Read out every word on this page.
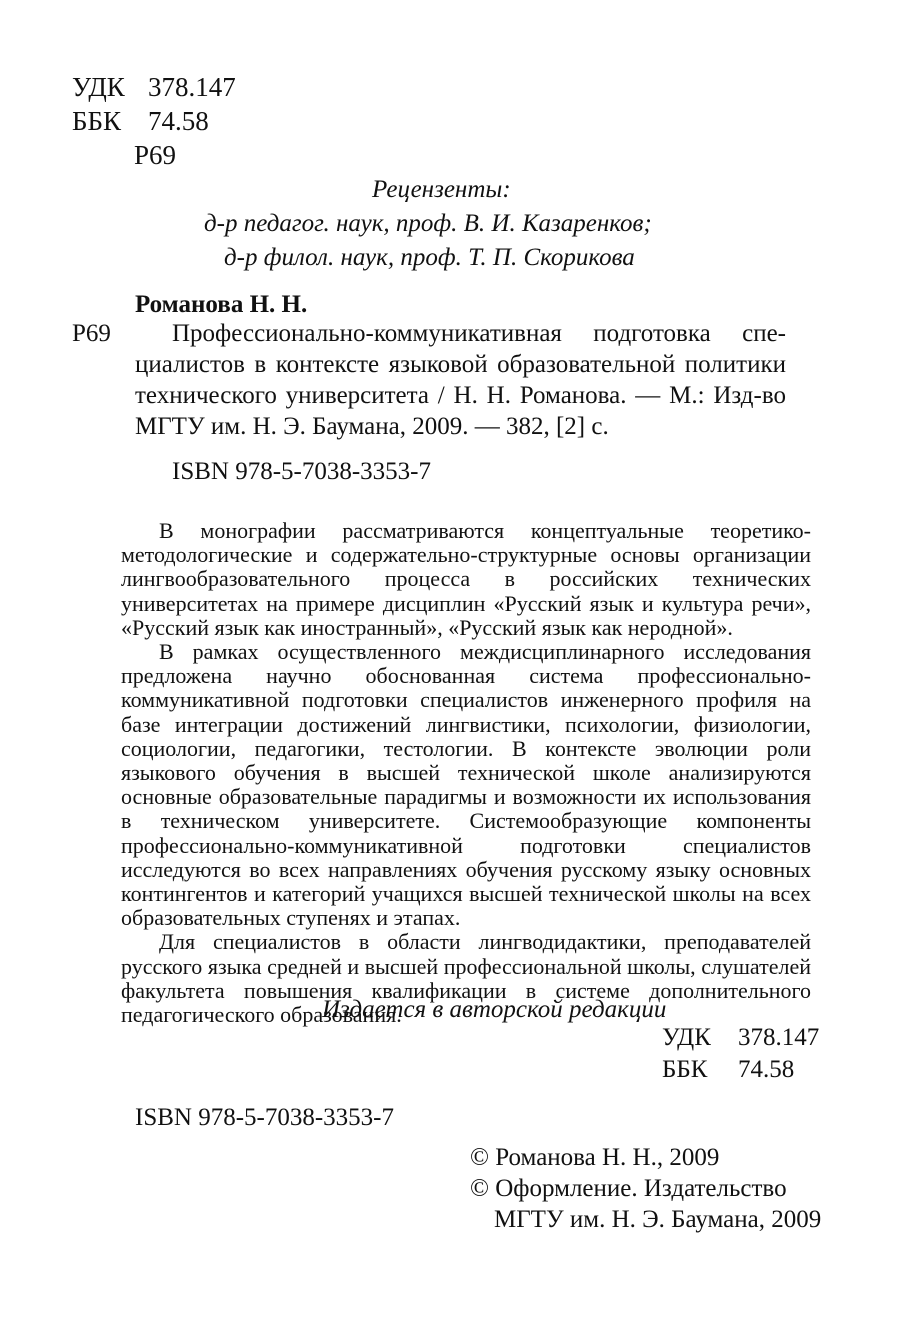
УДК 378.147
ББК 74.58
Р69
Рецензенты:
д-р педагог. наук, проф. В. И. Казаренков;
д-р филол. наук, проф. Т. П. Скорикова
Романова Н. Н.
Р69 Профессионально-коммуникативная подготовка спе-
циалистов в контексте языковой образовательной политики
технического университета / Н. Н. Романова. — М.: Изд-во
МГТУ им. Н. Э. Баумана, 2009. — 382, [2] с.
ISBN 978-5-7038-3353-7

В монографии рассматриваются концептуальные теоретико-методологические и содержательно-структурные основы организации лингвообразовательного процесса в российских технических университетах на примере дисциплин «Русский язык и культура речи», «Русский язык как иностранный», «Русский язык как неродной».

В рамках осуществленного междисциплинарного исследования предложена научно обоснованная система профессионально-коммуникативной подготовки специалистов инженерного профиля на базе интеграции достижений лингвистики, психологии, физиологии, социологии, педагогики, тестологии. В контексте эволюции роли языкового обучения в высшей технической школе анализируются основные образовательные парадигмы и возможности их использования в техническом университете. Системообразующие компоненты профессионально-коммуникативной подготовки специалистов исследуются во всех направлениях обучения русскому языку основных контингентов и категорий учащихся высшей технической школы на всех образовательных ступенях и этапах.

Для специалистов в области лингводидактики, преподавателей русского языка средней и высшей профессиональной школы, слушателей факультета повышения квалификации в системе дополнительного педагогического образования.

Издается в авторской редакции
УДК 378.147
ББК 74.58
ISBN 978-5-7038-3353-7
© Романова Н. Н., 2009
© Оформление. Издательство
МГТУ им. Н. Э. Баумана, 2009
